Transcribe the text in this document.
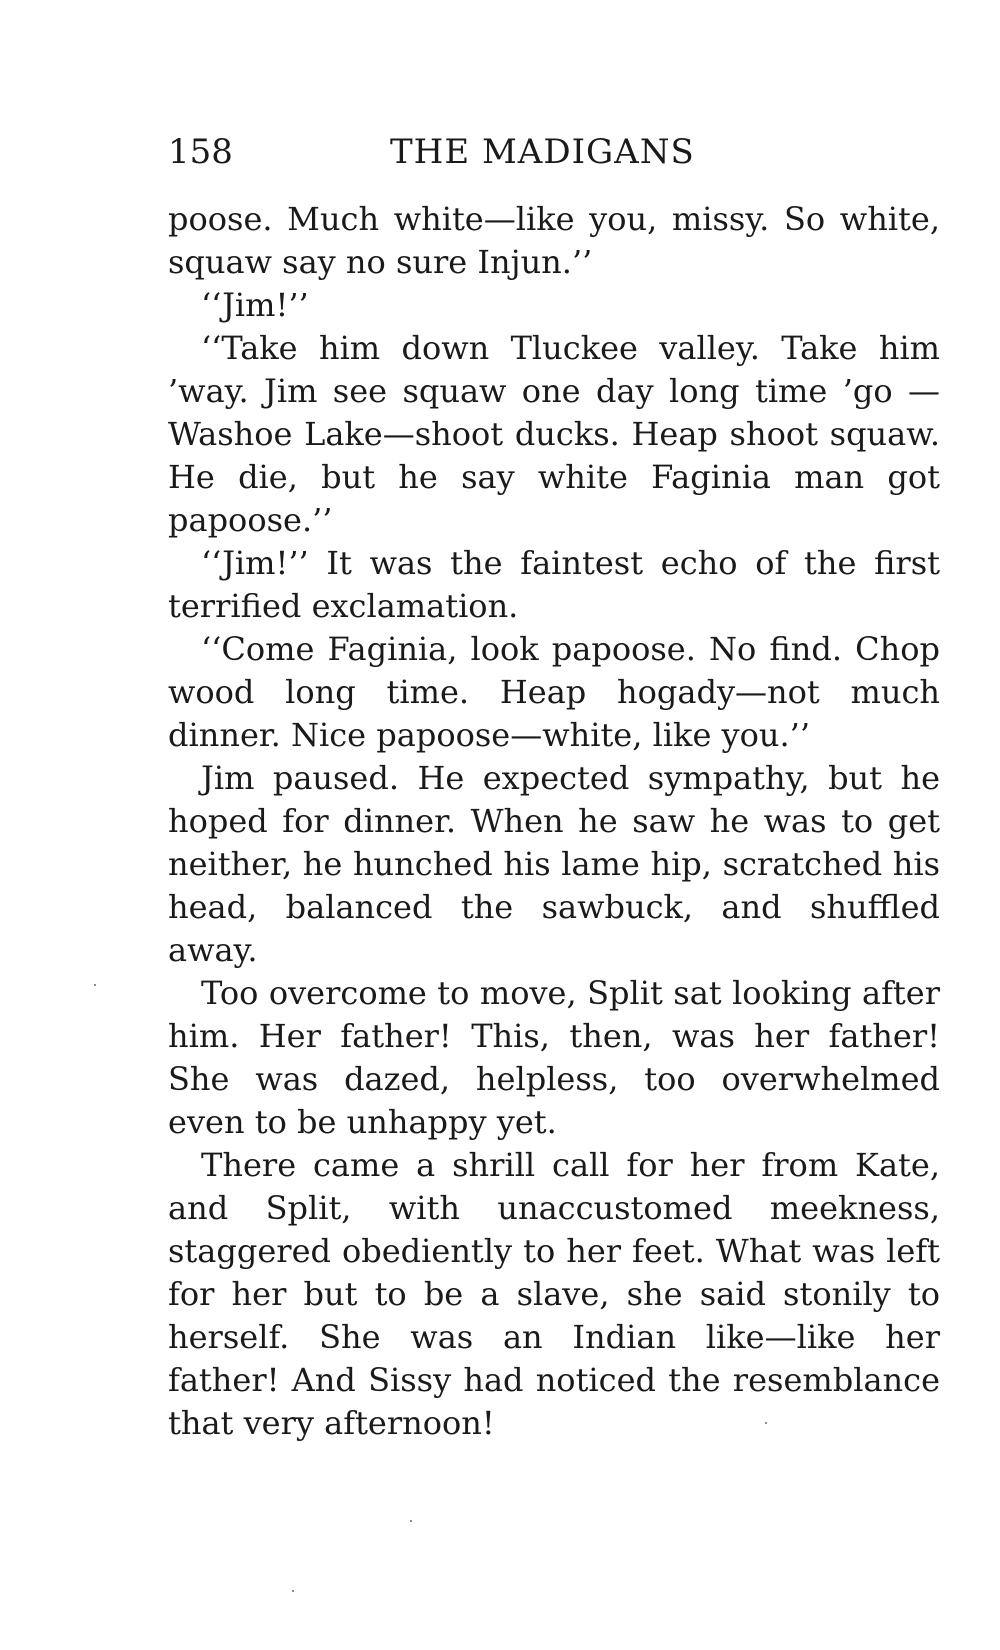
158	THE MADIGANS

poose. Much white—like you, missy. So white, squaw say no sure Injun.’’

‘‘Jim!’’

‘‘Take him down Tluckee valley. Take him ’way. Jim see squaw one day long time ’go —Washoe Lake—shoot ducks. Heap shoot squaw. He die, but he say white Faginia man got papoose.’’

‘‘Jim!’’ It was the faintest echo of the first terrified exclamation.

‘‘Come Faginia, look papoose. No find. Chop wood long time. Heap hogady—not much dinner. Nice papoose—white, like you.’’

Jim paused. He expected sympathy, but he hoped for dinner. When he saw he was to get neither, he hunched his lame hip, scratched his head, balanced the sawbuck, and shuffled away.

Too overcome to move, Split sat looking after him. Her father! This, then, was her father! She was dazed, helpless, too overwhelmed even to be unhappy yet.

There came a shrill call for her from Kate, and Split, with unaccustomed meekness, staggered obediently to her feet. What was left for her but to be a slave, she said stonily to herself. She was an Indian like—like her father! And Sissy had noticed the resemblance that very afternoon!
